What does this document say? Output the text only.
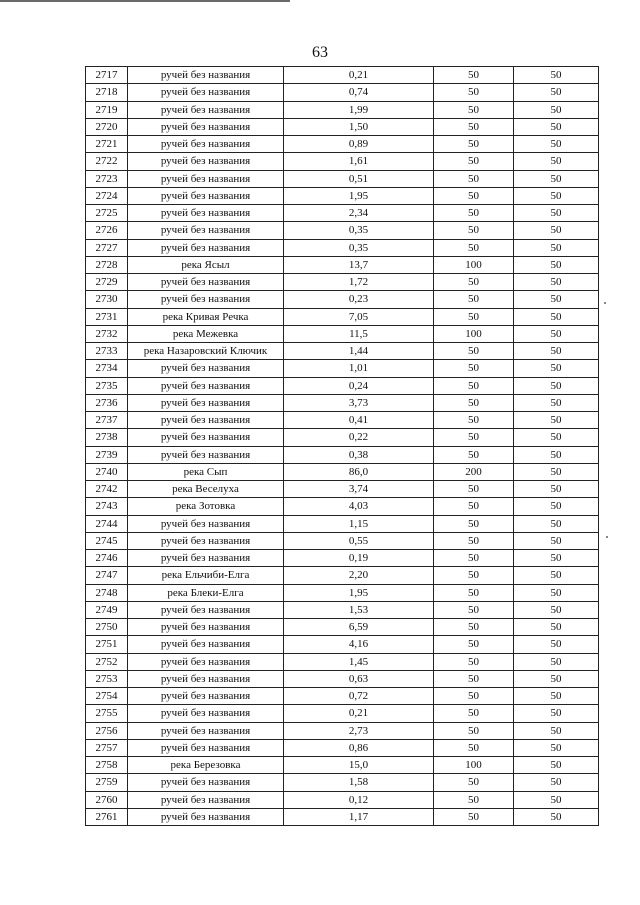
63
2717	ручей без названия	0,21	50	50
2718	ручей без названия	0,74	50	50
2719	ручей без названия	1,99	50	50
2720	ручей без названия	1,50	50	50
2721	ручей без названия	0,89	50	50
2722	ручей без названия	1,61	50	50
2723	ручей без названия	0,51	50	50
2724	ручей без названия	1,95	50	50
2725	ручей без названия	2,34	50	50
2726	ручей без названия	0,35	50	50
2727	ручей без названия	0,35	50	50
2728	река Ясыл	13,7	100	50
2729	ручей без названия	1,72	50	50
2730	ручей без названия	0,23	50	50
2731	река Кривая Речка	7,05	50	50
2732	река Межевка	11,5	100	50
2733	река Назаровский Ключик	1,44	50	50
2734	ручей без названия	1,01	50	50
2735	ручей без названия	0,24	50	50
2736	ручей без названия	3,73	50	50
2737	ручей без названия	0,41	50	50
2738	ручей без названия	0,22	50	50
2739	ручей без названия	0,38	50	50
2740	река Сып	86,0	200	50
2742	река Веселуха	3,74	50	50
2743	река Зотовка	4,03	50	50
2744	ручей без названия	1,15	50	50
2745	ручей без названия	0,55	50	50
2746	ручей без названия	0,19	50	50
2747	река Ельчиби-Елга	2,20	50	50
2748	река Блеки-Елга	1,95	50	50
2749	ручей без названия	1,53	50	50
2750	ручей без названия	6,59	50	50
2751	ручей без названия	4,16	50	50
2752	ручей без названия	1,45	50	50
2753	ручей без названия	0,63	50	50
2754	ручей без названия	0,72	50	50
2755	ручей без названия	0,21	50	50
2756	ручей без названия	2,73	50	50
2757	ручей без названия	0,86	50	50
2758	река Березовка	15,0	100	50
2759	ручей без названия	1,58	50	50
2760	ручей без названия	0,12	50	50
2761	ручей без названия	1,17	50	50
